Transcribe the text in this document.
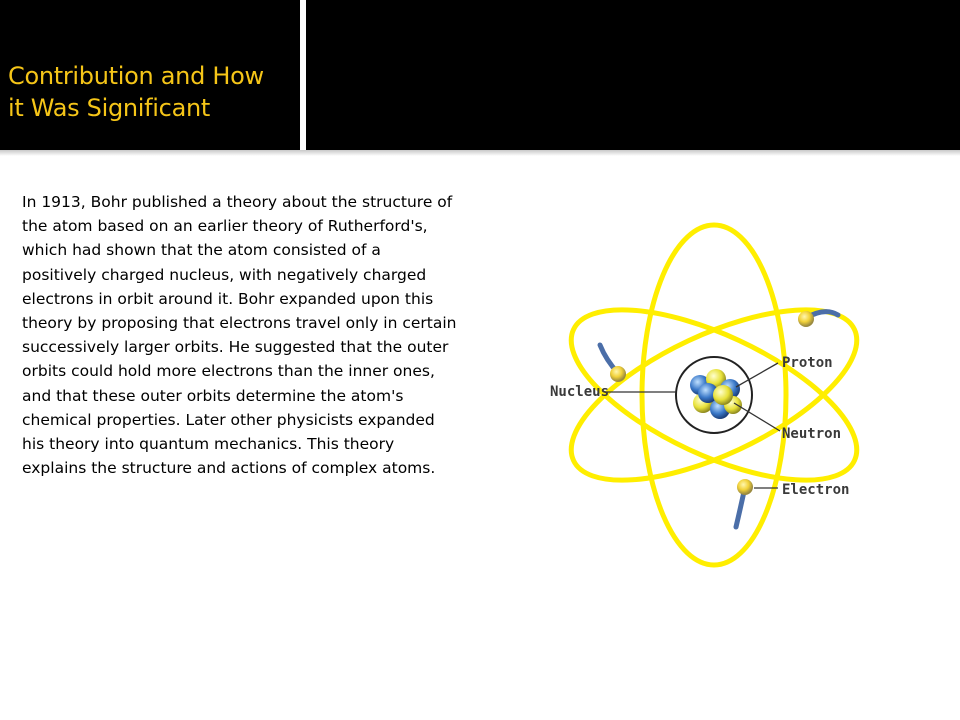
Contribution and How
it Was Significant

In 1913, Bohr published a theory about the structure of the atom based on an earlier theory of Rutherford's, which had shown that the atom consisted of a positively charged nucleus, with negatively charged electrons in orbit around it. Bohr expanded upon this theory by proposing that electrons travel only in certain successively larger orbits. He suggested that the outer orbits could hold more electrons than the inner ones, and that these outer orbits determine the atom's chemical properties. Later other physicists expanded his theory into quantum mechanics. This theory explains the structure and actions of complex atoms.

Nucleus
Proton
Neutron
Electron
